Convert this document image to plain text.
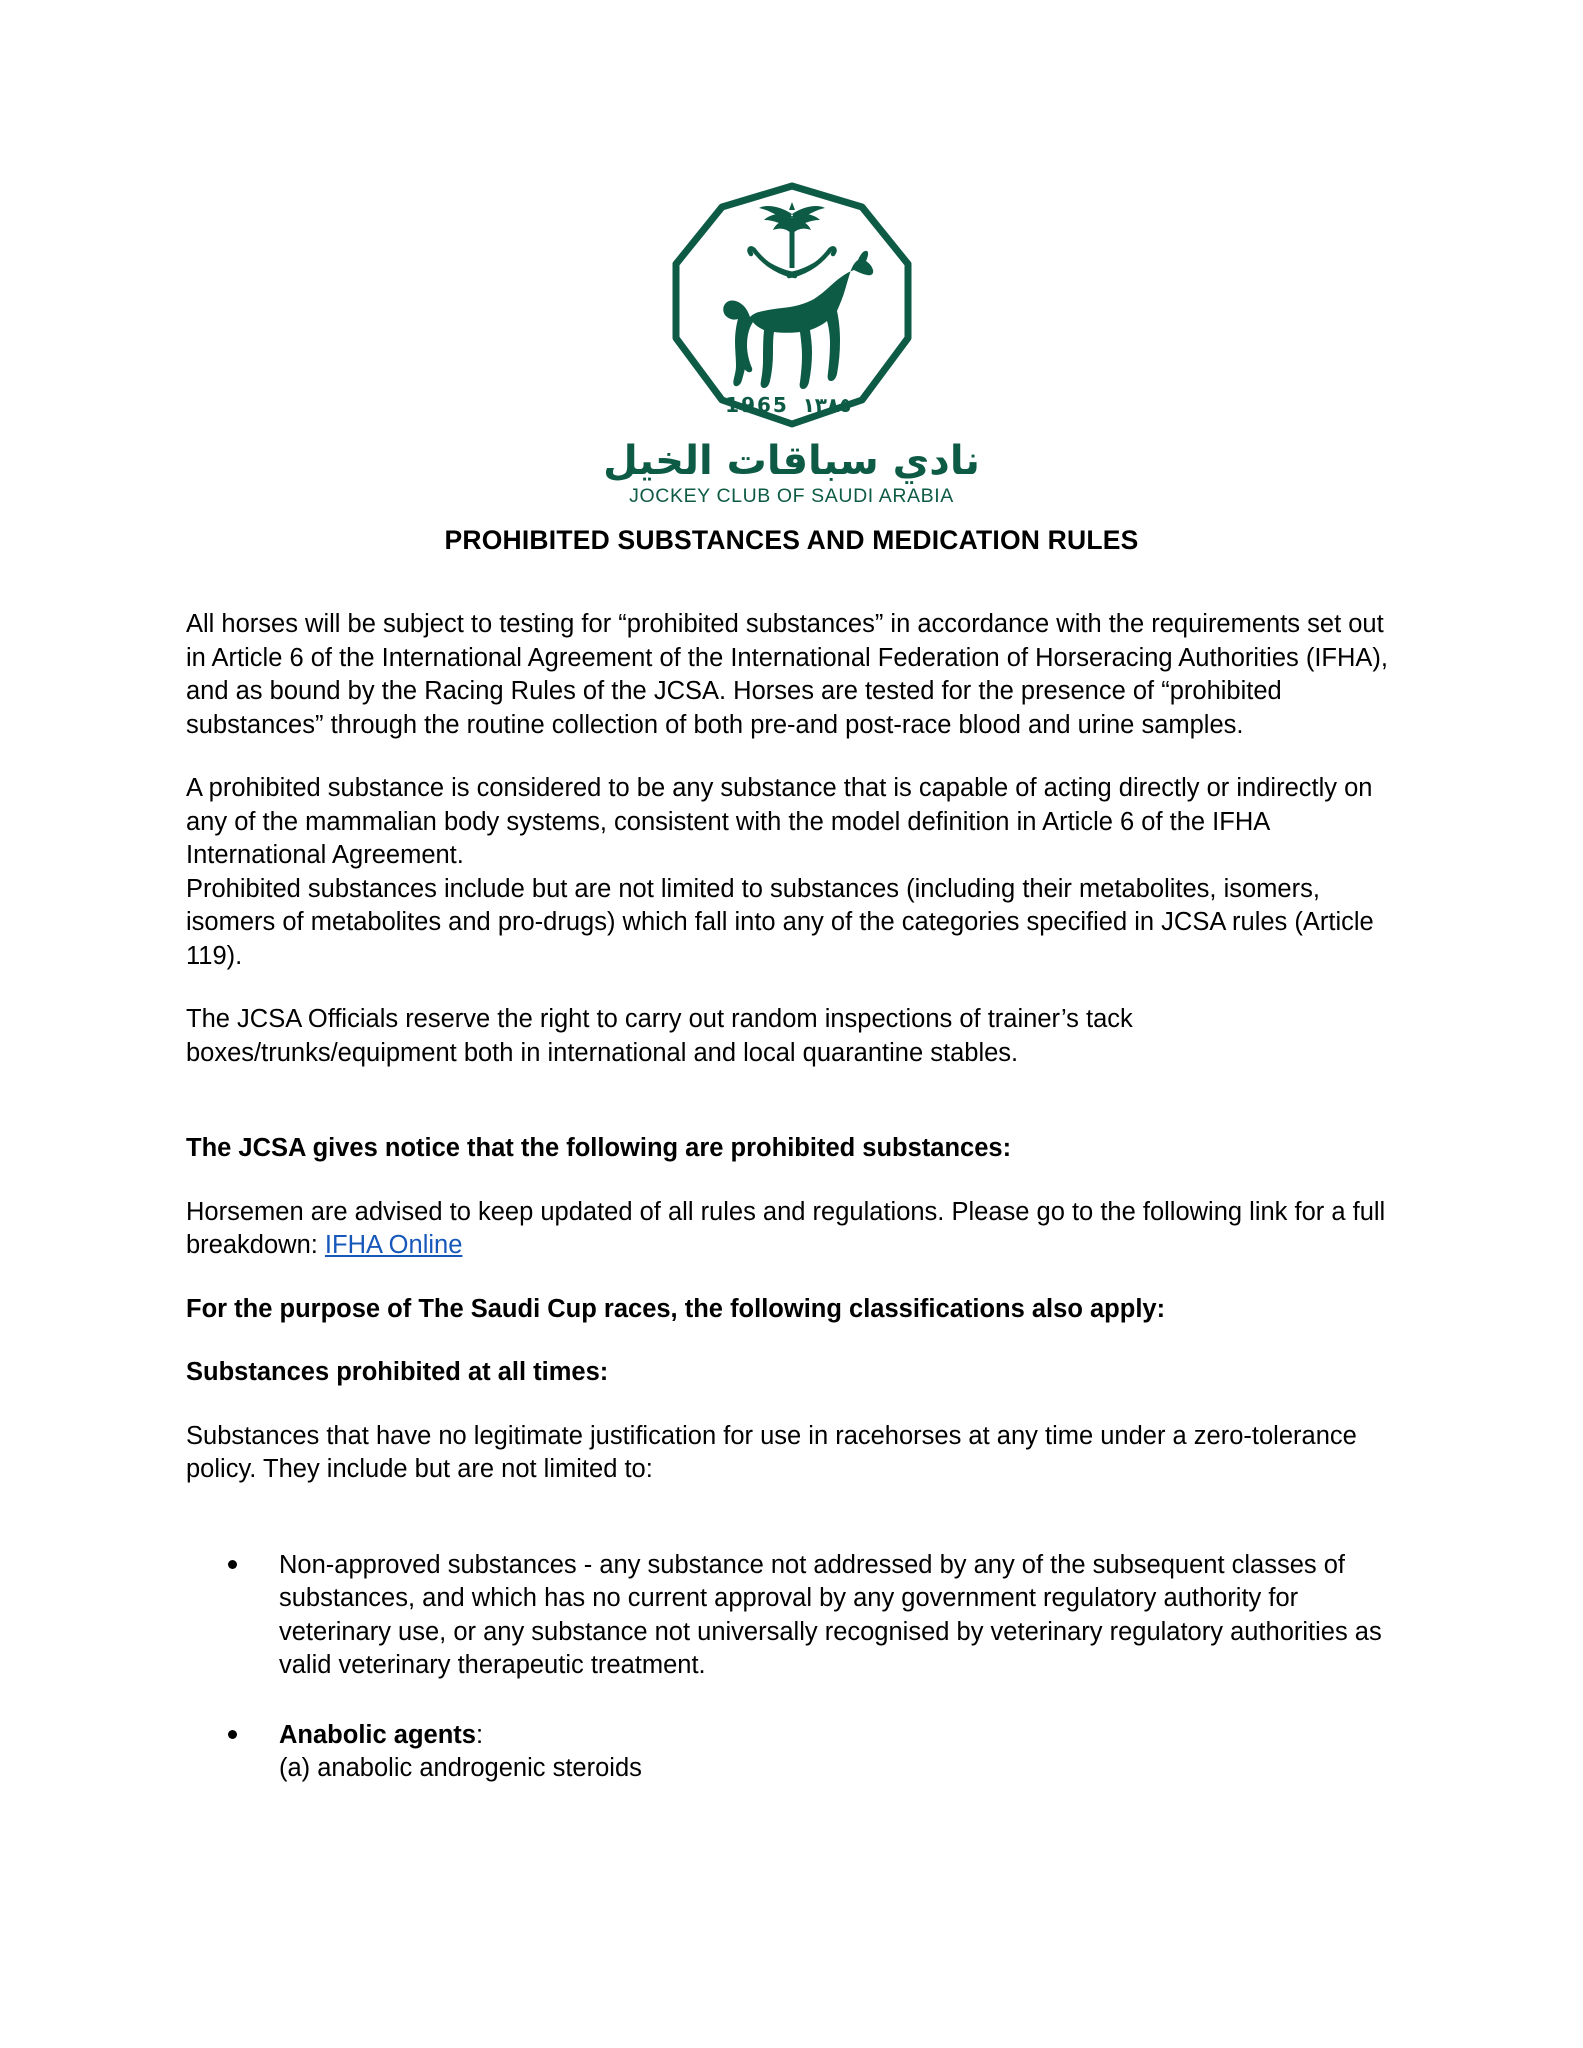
1965 ١٣٨٥
نادي سباقات الخيل
JOCKEY CLUB OF SAUDI ARABIA
PROHIBITED SUBSTANCES AND MEDICATION RULES

All horses will be subject to testing for “prohibited substances” in accordance with the requirements set out in Article 6 of the International Agreement of the International Federation of Horseracing Authorities (IFHA), and as bound by the Racing Rules of the JCSA. Horses are tested for the presence of “prohibited substances” through the routine collection of both pre-and post-race blood and urine samples.

A prohibited substance is considered to be any substance that is capable of acting directly or indirectly on any of the mammalian body systems, consistent with the model definition in Article 6 of the IFHA International Agreement.

Prohibited substances include but are not limited to substances (including their metabolites, isomers, isomers of metabolites and pro-drugs) which fall into any of the categories specified in JCSA rules (Article 119).

The JCSA Officials reserve the right to carry out random inspections of trainer’s tack boxes/trunks/equipment both in international and local quarantine stables.

The JCSA gives notice that the following are prohibited substances:

Horsemen are advised to keep updated of all rules and regulations. Please go to the following link for a full breakdown: IFHA Online

For the purpose of The Saudi Cup races, the following classifications also apply:

Substances prohibited at all times:

Substances that have no legitimate justification for use in racehorses at any time under a zero-tolerance policy. They include but are not limited to:

Non-approved substances - any substance not addressed by any of the subsequent classes of substances, and which has no current approval by any government regulatory authority for veterinary use, or any substance not universally recognised by veterinary regulatory authorities as valid veterinary therapeutic treatment.
Anabolic agents:
(a) anabolic androgenic steroids
